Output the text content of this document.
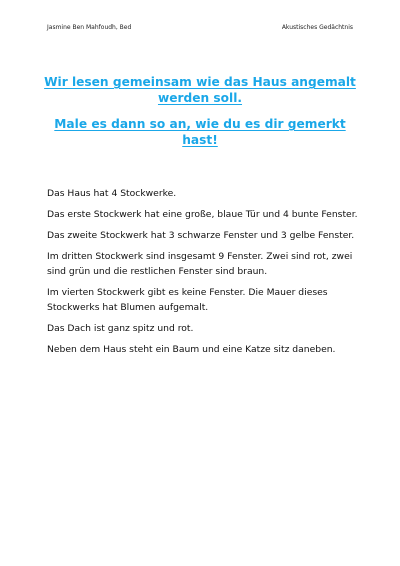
Jasmine Ben Mahfoudh, Bed	Akustisches Gedächtnis
Wir lesen gemeinsam wie das Haus angemalt werden soll.
Male es dann so an, wie du es dir gemerkt hast!

Das Haus hat 4 Stockwerke.

Das erste Stockwerk hat eine große, blaue Tür und 4 bunte Fenster.

Das zweite Stockwerk hat 3 schwarze Fenster und 3 gelbe Fenster.

Im dritten Stockwerk sind insgesamt 9 Fenster. Zwei sind rot, zwei sind grün und die restlichen Fenster sind braun.

Im vierten Stockwerk gibt es keine Fenster. Die Mauer dieses Stockwerks hat Blumen aufgemalt.

Das Dach ist ganz spitz und rot.

Neben dem Haus steht ein Baum und eine Katze sitz daneben.
